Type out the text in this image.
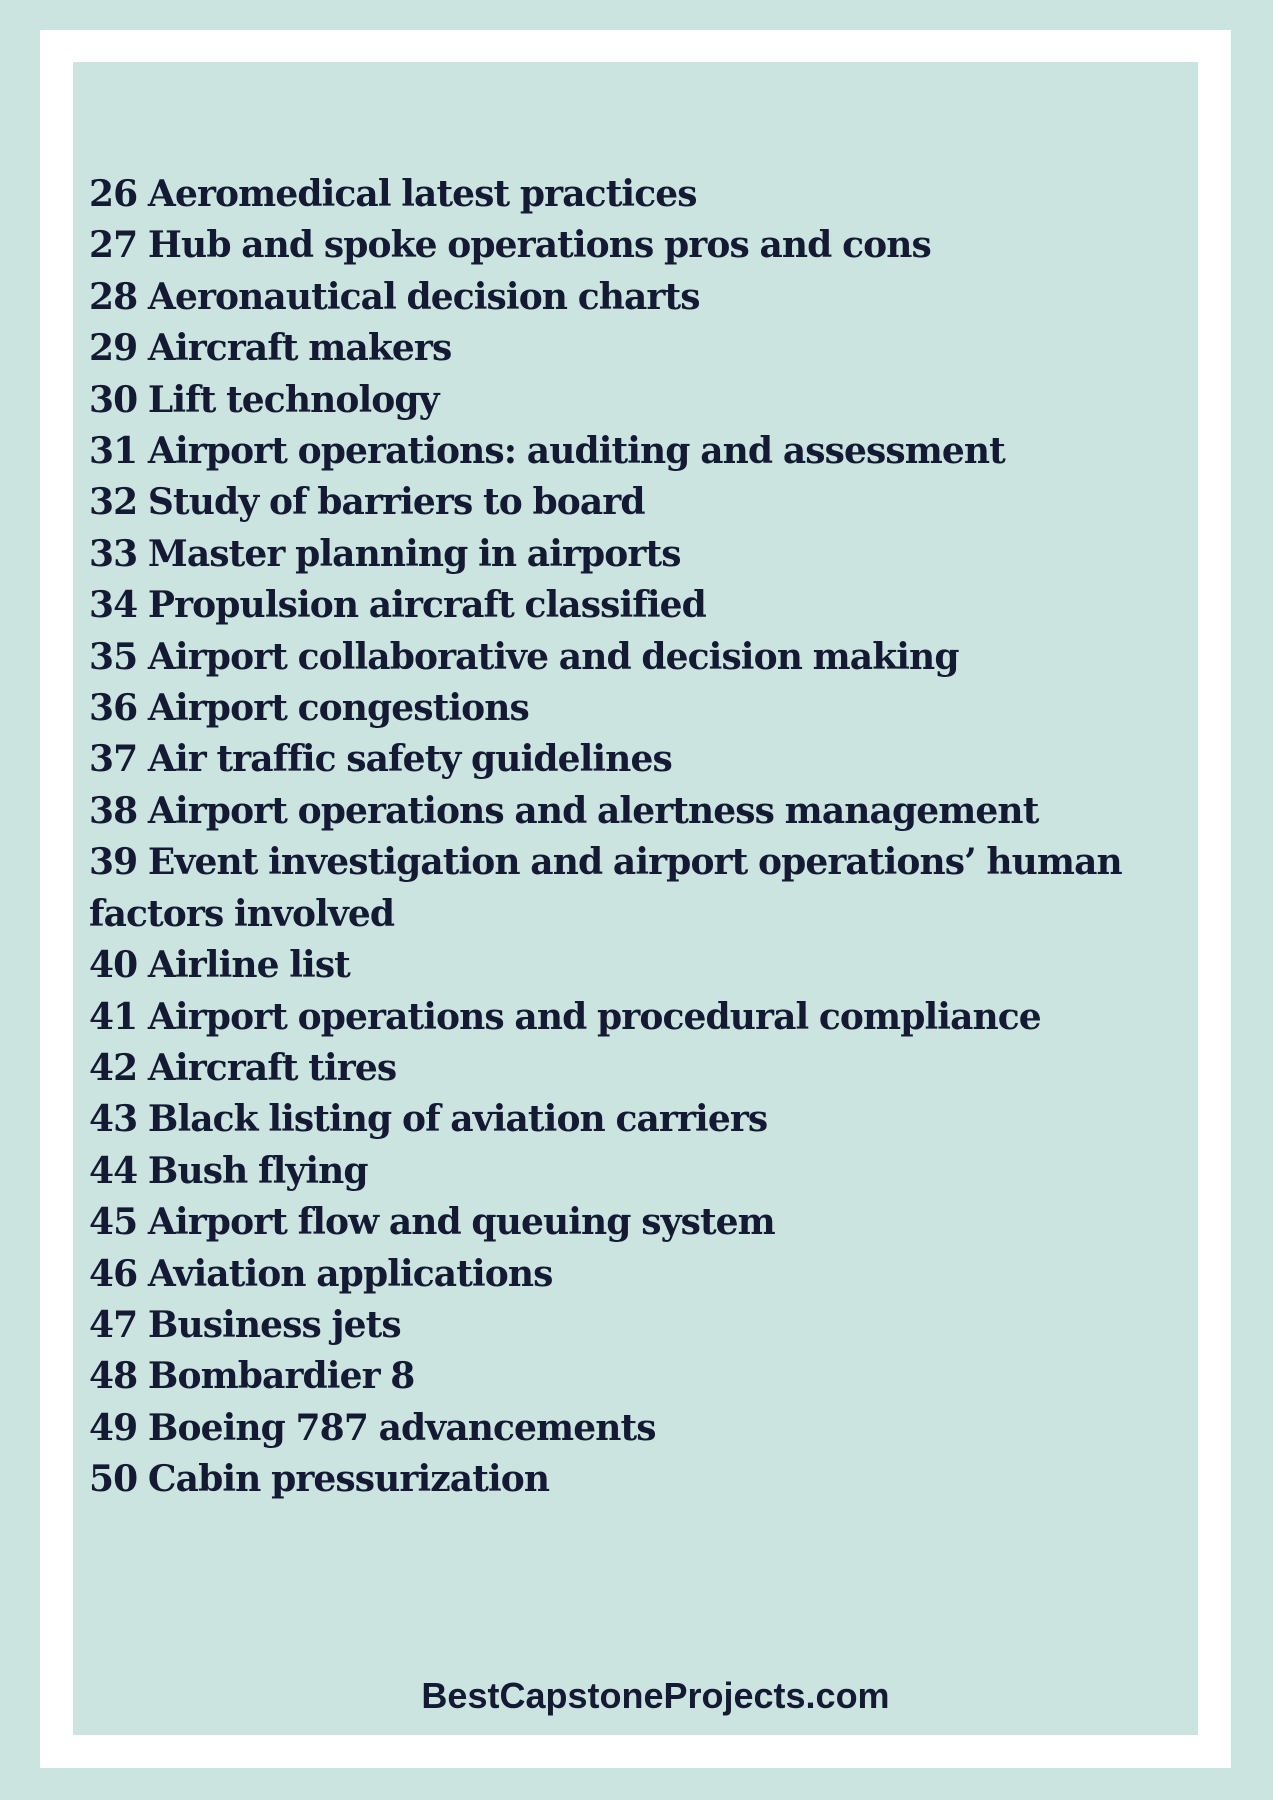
26 Aeromedical latest practices
27 Hub and spoke operations pros and cons
28 Aeronautical decision charts
29 Aircraft makers
30 Lift technology
31 Airport operations: auditing and assessment
32 Study of barriers to board
33 Master planning in airports
34 Propulsion aircraft classified
35 Airport collaborative and decision making
36 Airport congestions
37 Air traffic safety guidelines
38 Airport operations and alertness management
39 Event investigation and airport operations’ human factors involved
40 Airline list
41 Airport operations and procedural compliance
42 Aircraft tires
43 Black listing of aviation carriers
44 Bush flying
45 Airport flow and queuing system
46 Aviation applications
47 Business jets
48 Bombardier 8
49 Boeing 787 advancements
50 Cabin pressurization
BestCapstoneProjects.com
